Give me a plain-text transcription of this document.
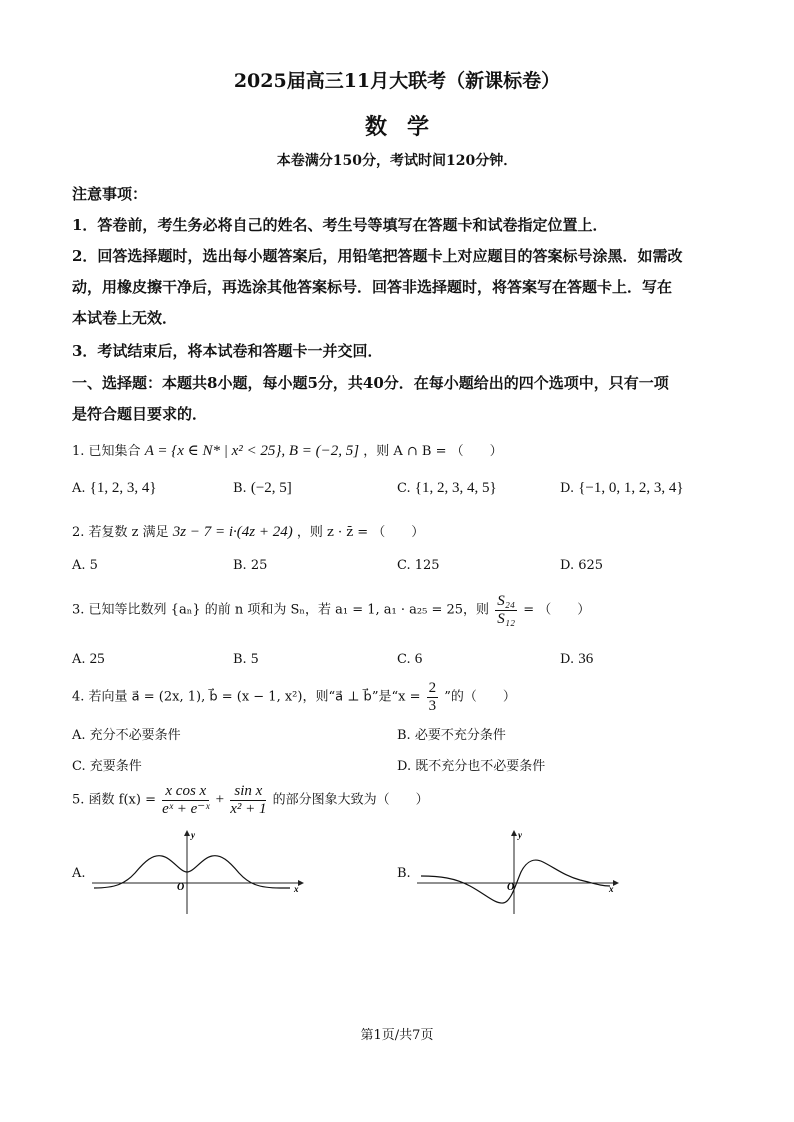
2025届高三11月大联考（新课标卷）
数学
本卷满分150分，考试时间120分钟．
注意事项：
1．答卷前，考生务必将自己的姓名、考生号等填写在答题卡和试卷指定位置上．
2．回答选择题时，选出每小题答案后，用铅笔把答题卡上对应题目的答案标号涂黑．如需改
动，用橡皮擦干净后，再选涂其他答案标号．回答非选择题时，将答案写在答题卡上．写在
本试卷上无效．
3．考试结束后，将本试卷和答题卡一并交回．
一、选择题：本题共8小题，每小题5分，共40分．在每小题给出的四个选项中，只有一项
是符合题目要求的．
1. 已知集合 A = {x ∈ N* | x² < 25}, B = (−2, 5] ，则 A ∩ B = （　　）
A. {1, 2, 3, 4}	B. (−2, 5]	C. {1, 2, 3, 4, 5}	D. {−1, 0, 1, 2, 3, 4}
2. 若复数 z 满足 3z − 7 = i·(4z + 24) ，则 z · z̄ = （　　）
A. 5	B. 25	C. 125	D. 625
3. 已知等比数列 {aₙ} 的前 n 项和为 Sₙ，若 a₁ = 1, a₁ · a₂₅ = 25，则 $\frac{\text{S₂₄}}{\text{S₁₂}}$ = （　　）
A. 25	B. 5	C. 6	D. 36
4. 若向量 a⃗ = (2x, 1), b⃗ = (x − 1, x²)，则“a⃗ ⊥ b⃗”是“$x = \frac{2}{3}$ ”的（　　）
A. 充分不必要条件	B. 必要不充分条件
C. 充要条件	D. 既不充分也不必要条件
5. 函数 $f(x) = \frac{\text{x cos x}}{\text{eˣ + e⁻ˣ}} + \frac{\text{sin x}}{\text{x² + 1}}$ 的部分图象大致为（　　）
A.
x
y
O
B.
x
y
O
第1页/共7页
